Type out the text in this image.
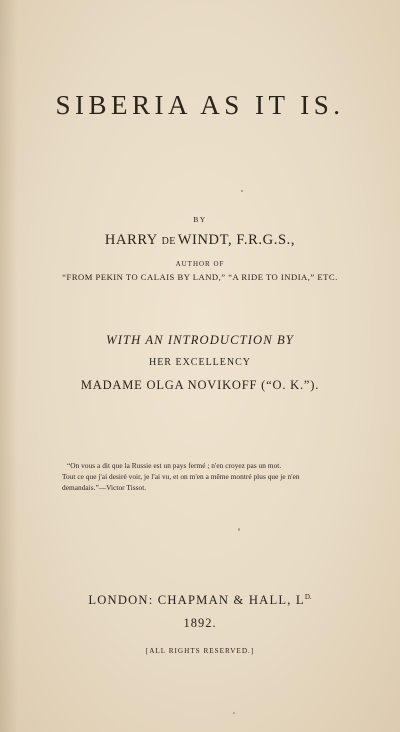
SIBERIA AS IT IS.
BY
HARRY DE  WINDT, F.R.G.S.,
AUTHOR OF
“FROM PEKIN TO CALAIS BY LAND,” “A RIDE TO INDIA,” ETC.
WITH AN INTRODUCTION BY
HER EXCELLENCY
MADAME OLGA NOVIKOFF (“O. K.”).
“On vous a dit que la Russie est un pays fermé ; n'en croyez pas un mot.
Tout ce que j'ai desiré voir, je l'ai vu, et on m'en a même montré plus que je n'en
demandais.”—Victor Tissot.
LONDON: CHAPMAN & HALL, $L^{D.}$
1892.
[ALL RIGHTS RESERVED.]
